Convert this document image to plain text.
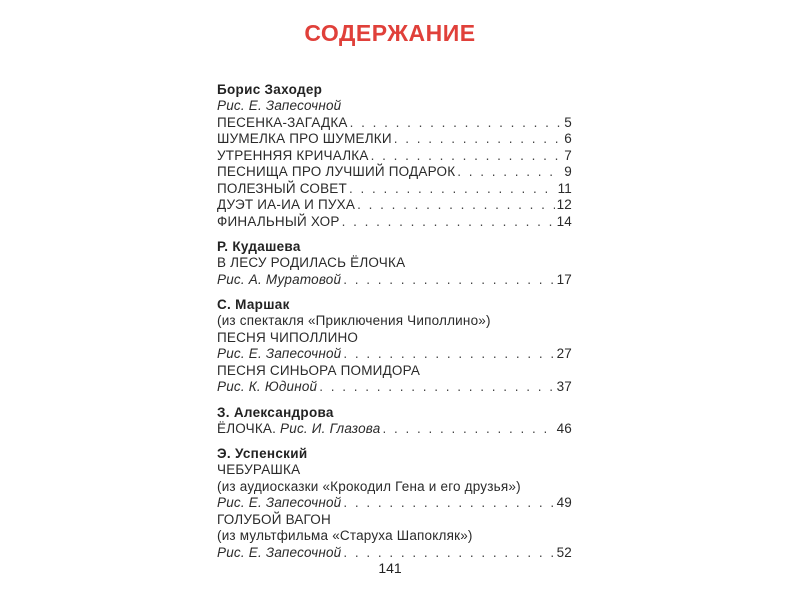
СОДЕРЖАНИЕ
Борис Заходер
Рис. Е. Запесочной
ПЕСЕНКА-ЗАГАДКА . . .	5
ШУМЕЛКА ПРО ШУМЕЛКИ . . .	6
УТРЕННЯЯ КРИЧАЛКА . . .	7
ПЕСНИЩА ПРО ЛУЧШИЙ ПОДАРОК . . .	9
ПОЛЕЗНЫЙ СОВЕТ . . .	11
ДУЭТ ИА-ИА И ПУХА . . .	12
ФИНАЛЬНЫЙ ХОР . . .	14
Р. Кудашева
В ЛЕСУ РОДИЛАСЬ ЁЛОЧКА
Рис. А. Муратовой . . .	17
С. Маршак
(из спектакля «Приключения Чиполлино»)
ПЕСНЯ ЧИПОЛЛИНО
Рис. Е. Запесочной . . .	27
ПЕСНЯ СИНЬОРА ПОМИДОРА
Рис. К. Юдиной . . .	37
З. Александрова
ЁЛОЧКА. Рис. И. Глазова . . .	46
Э. Успенский
ЧЕБУРАШКА
(из аудиосказки «Крокодил Гена и его друзья»)
Рис. Е. Запесочной . . .	49
ГОЛУБОЙ ВАГОН
(из мультфильма «Старуха Шапокляк»)
Рис. Е. Запесочной . . .	52
141
